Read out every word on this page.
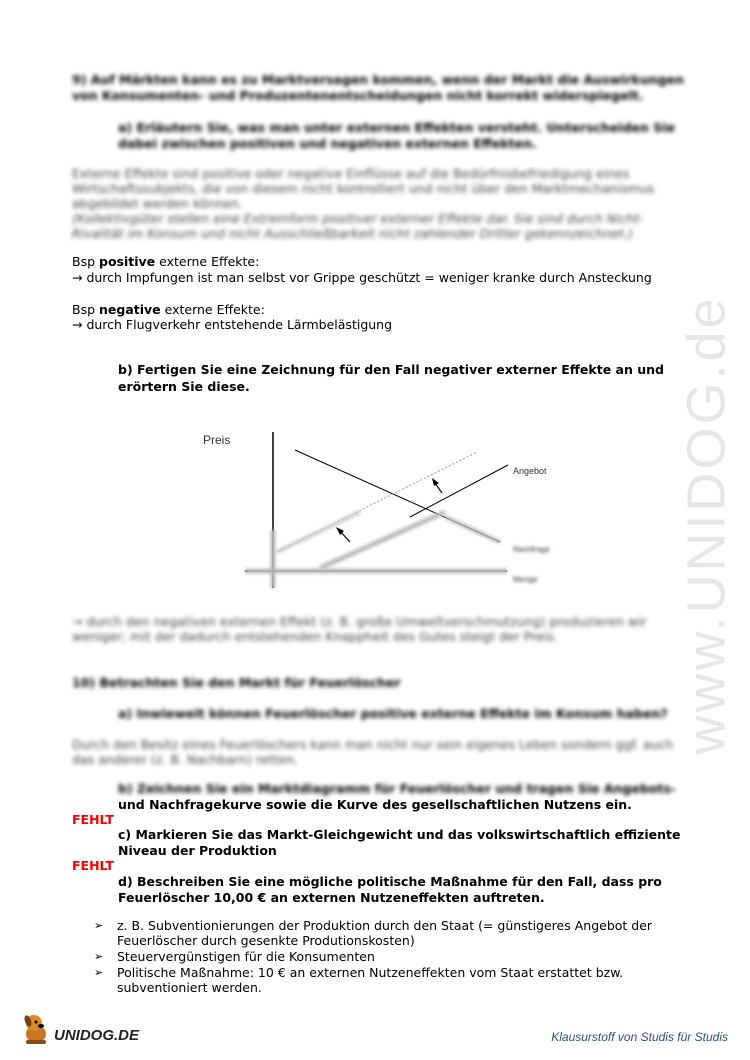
www.UNIDOG.de
9) Auf Märkten kann es zu Marktversagen kommen, wenn der Markt die Auswirkungen
von Konsumenten- und Produzentenentscheidungen nicht korrekt widerspiegelt.
a) Erläutern Sie, was man unter externen Effekten versteht. Unterscheiden Sie
dabei zwischen positiven und negativen externen Effekten.
Externe Effekte sind positive oder negative Einflüsse auf die Bedürfnisbefriedigung eines
Wirtschaftssubjekts, die von diesem nicht kontrolliert und nicht über den Marktmechanismus
abgebildet werden können.
(Kollektivgüter stellen eine Extremform positiver externer Effekte dar. Sie sind durch Nicht-
Rivalität im Konsum und nicht Ausschließbarkeit nicht zahlender Dritter gekennzeichnet.)
Bsp positive externe Effekte:
→ durch Impfungen ist man selbst vor Grippe geschützt = weniger kranke durch Ansteckung
Bsp negative externe Effekte:
→ durch Flugverkehr entstehende Lärmbelästigung
b) Fertigen Sie eine Zeichnung für den Fall negativer externer Effekte an und
erörtern Sie diese.
Preis
Angebot
Nachfrage
Menge
→ durch den negativen externen Effekt (z. B. große Umweltverschmutzung) produzieren wir
weniger; mit der dadurch entstehenden Knappheit des Gutes steigt der Preis.
10) Betrachten Sie den Markt für Feuerlöscher
a) Inwieweit können Feuerlöscher positive externe Effekte im Konsum haben?
Durch den Besitz eines Feuerlöschers kann man nicht nur sein eigenes Leben sondern ggf. auch
das anderer (z. B. Nachbarn) retten.
b) Zeichnen Sie ein Marktdiagramm für Feuerlöscher und tragen Sie Angebots-
und Nachfragekurve sowie die Kurve des gesellschaftlichen Nutzens ein.
FEHLT
c) Markieren Sie das Markt-Gleichgewicht und das volkswirtschaftlich effiziente
Niveau der Produktion
FEHLT
d) Beschreiben Sie eine mögliche politische Maßnahme für den Fall, dass pro
Feuerlöscher 10,00 € an externen Nutzeneffekten auftreten.
➢	z. B. Subventionierungen der Produktion durch den Staat (= günstigeres Angebot der
Feuerlöscher durch gesenkte Produtionskosten)
➢	Steuervergünstigen für die Konsumenten
➢	Politische Maßnahme: 10 € an externen Nutzeneffekten vom Staat erstattet bzw.
subventioniert werden.
UNIDOG.DE	Klausurstoff von Studis für Studis
